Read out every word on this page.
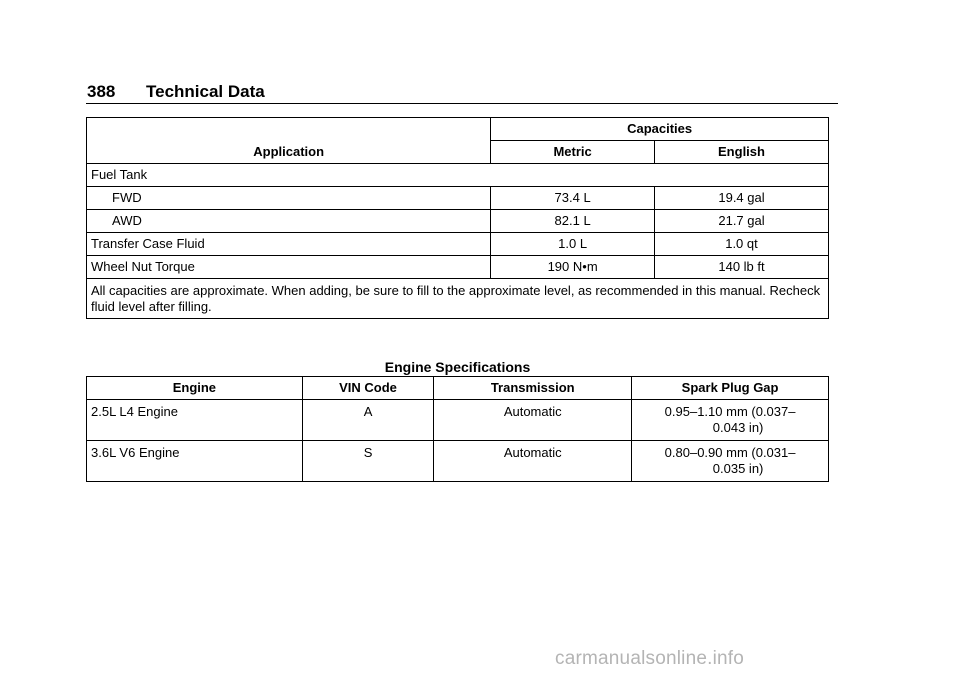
388 Technical Data
Application	Capacities	
	Metric	English
Fuel Tank		
FWD	73.4 L	19.4 gal
AWD	82.1 L	21.7 gal
Transfer Case Fluid	1.0 L	1.0 qt
Wheel Nut Torque	190 N•m	140 lb ft
All capacities are approximate. When adding, be sure to fill to the approximate level, as recommended in this manual. Recheck fluid level after filling.		
Engine Specifications
Engine	VIN Code	Transmission	Spark Plug Gap
2.5L L4 Engine	A	Automatic	0.95–1.10 mm (0.037–
0.043 in)

3.6L V6 Engine	S	Automatic	0.80–0.90 mm (0.031–
0.035 in)
carmanualsonline.info
